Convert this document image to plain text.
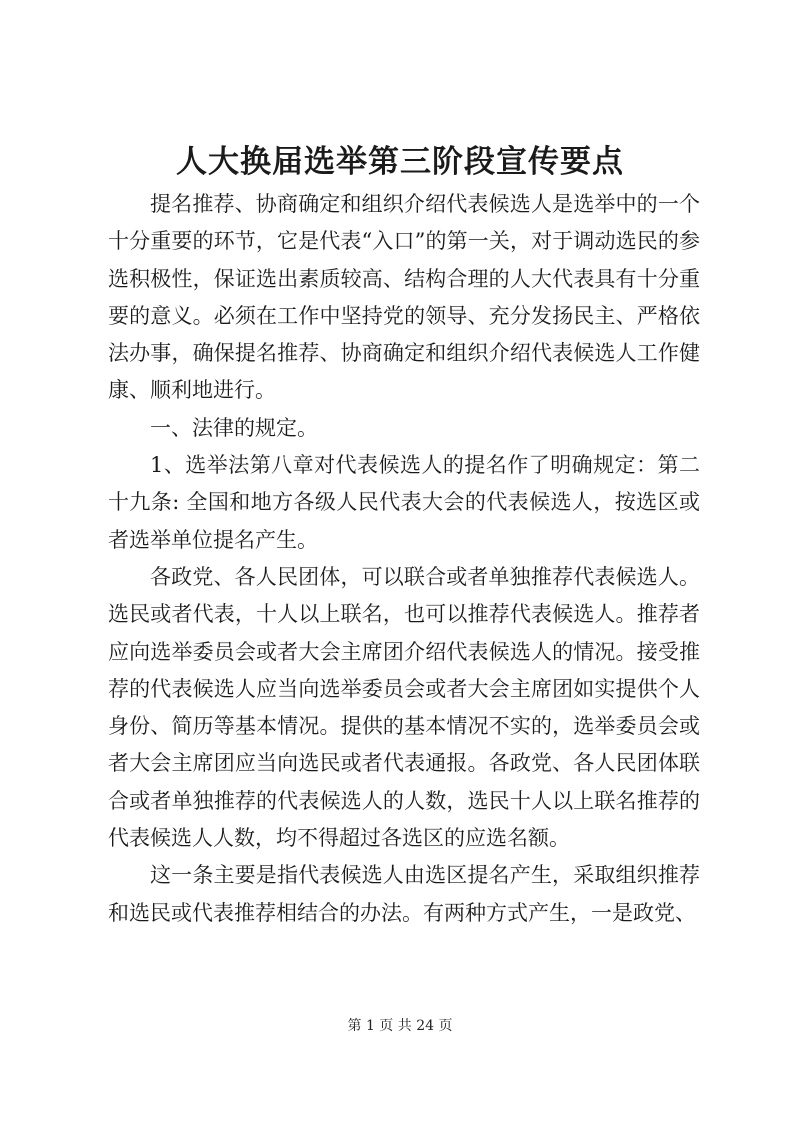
人大换届选举第三阶段宣传要点

提名推荐、协商确定和组织介绍代表候选人是选举中的一个十分重要的环节，它是代表“入口”的第一关，对于调动选民的参选积极性，保证选出素质较高、结构合理的人大代表具有十分重要的意义。必须在工作中坚持党的领导、充分发扬民主、严格依法办事，确保提名推荐、协商确定和组织介绍代表候选人工作健康、顺利地进行。

一、法律的规定。

1、选举法第八章对代表候选人的提名作了明确规定：第二十九条: 全国和地方各级人民代表大会的代表候选人，按选区或者选举单位提名产生。

各政党、各人民团体，可以联合或者单独推荐代表候选人。选民或者代表，十人以上联名，也可以推荐代表候选人。推荐者应向选举委员会或者大会主席团介绍代表候选人的情况。接受推荐的代表候选人应当向选举委员会或者大会主席团如实提供个人身份、简历等基本情况。提供的基本情况不实的，选举委员会或者大会主席团应当向选民或者代表通报。各政党、各人民团体联合或者单独推荐的代表候选人的人数，选民十人以上联名推荐的代表候选人人数，均不得超过各选区的应选名额。

这一条主要是指代表候选人由选区提名产生，采取组织推荐和选民或代表推荐相结合的办法。有两种方式产生，一是政党、

第 1 页 共 24 页
